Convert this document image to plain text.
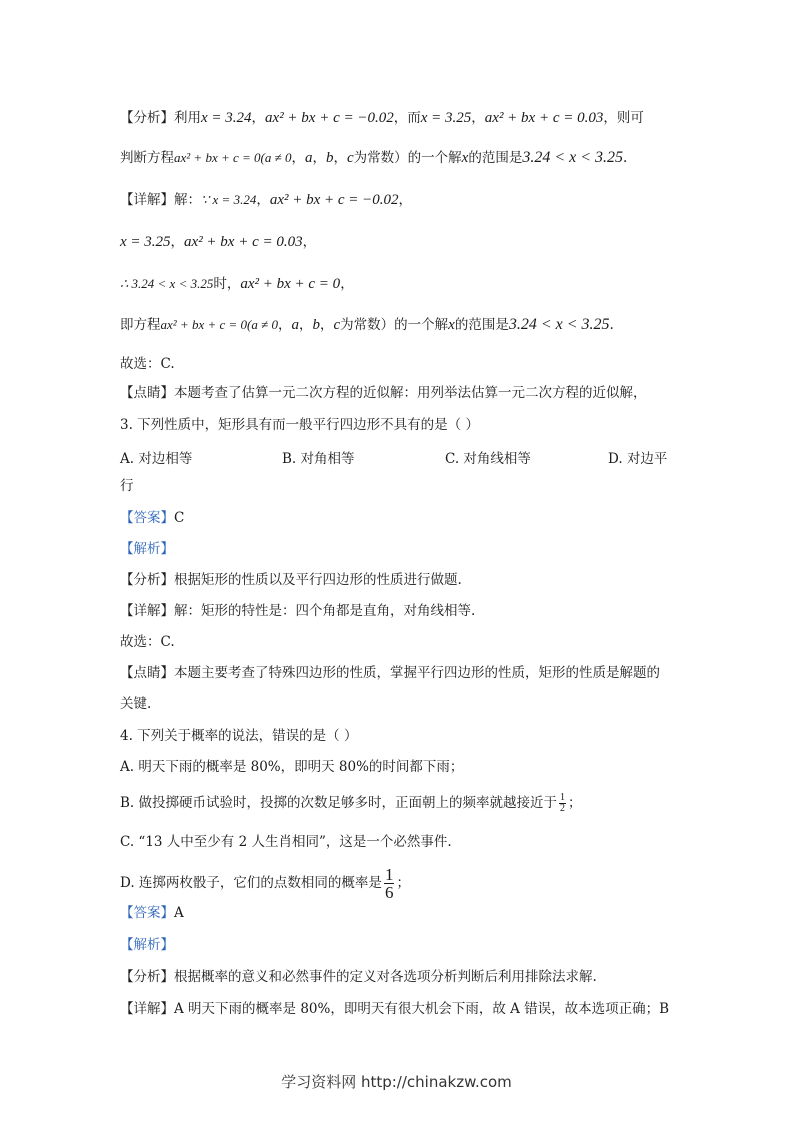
【分析】利用x = 3.24，ax² + bx + c = −0.02，而x = 3.25，ax² + bx + c = 0.03，则可
判断方程ax² + bx + c = 0(a ≠ 0，a，b，c为常数）的一个解x的范围是3.24 < x < 3.25.
【详解】解：∵ x = 3.24，ax² + bx + c = −0.02，
x = 3.25，ax² + bx + c = 0.03，
∴ 3.24 < x < 3.25时，ax² + bx + c = 0，
即方程ax² + bx + c = 0(a ≠ 0，a，b，c为常数）的一个解x的范围是3.24 < x < 3.25.
故选：C.
【点睛】本题考查了估算一元二次方程的近似解：用列举法估算一元二次方程的近似解，
3. 下列性质中，矩形具有而一般平行四边形不具有的是（ ）
A. 对边相等	B. 对角相等	C. 对角线相等	D. 对边平
行
【答案】C
【解析】
【分析】根据矩形的性质以及平行四边形的性质进行做题.
【详解】解：矩形的特性是：四个角都是直角，对角线相等.
故选：C.
【点睛】本题主要考查了特殊四边形的性质，掌握平行四边形的性质，矩形的性质是解题的
关键.
4. 下列关于概率的说法，错误的是（ ）
A. 明天下雨的概率是 80%，即明天 80%的时间都下雨；
B. 做投掷硬币试验时，投掷的次数足够多时，正面朝上的频率就越接近于 $\frac{1}{2}$ ；
C. “13 人中至少有 2 人生肖相同”，这是一个必然事件.
D. 连掷两枚骰子，它们的点数相同的概率是 $\frac{1}{6}$ ；
【答案】A
【解析】
【分析】根据概率的意义和必然事件的定义对各选项分析判断后利用排除法求解.
【详解】A 明天下雨的概率是 80%，即明天有很大机会下雨，故 A 错误，故本选项正确；B
学习资料网 http://chinakzw.com
